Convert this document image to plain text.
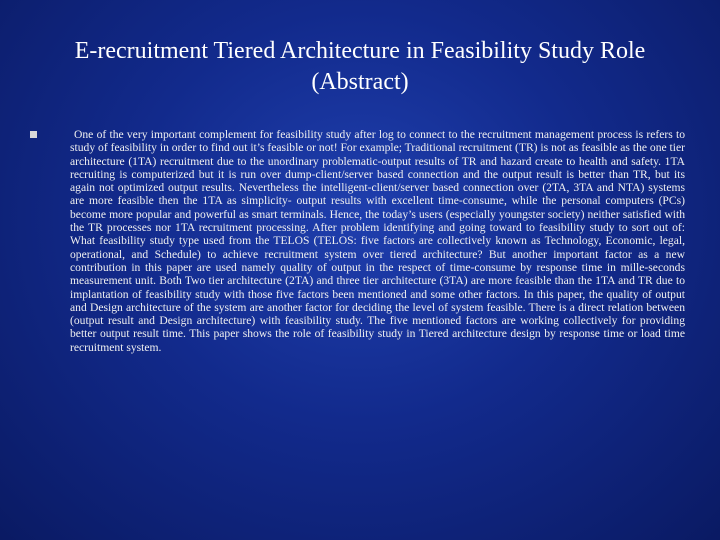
E-recruitment Tiered Architecture in Feasibility Study Role (Abstract)

One of the very important complement for feasibility study after log to connect to the recruitment management process is refers to study of feasibility in order to find out it’s feasible or not! For example; Traditional recruitment (TR) is not as feasible as the one tier architecture (1TA) recruitment due to the unordinary problematic-output results of TR and hazard create to health and safety. 1TA recruiting is computerized but it is run over dump-client/server based connection and the output result is better than TR, but its again not optimized output results. Nevertheless the intelligent-client/server based connection over (2TA, 3TA and NTA) systems are more feasible then the 1TA as simplicity- output results with excellent time-consume, while the personal computers (PCs) become more popular and powerful as smart terminals. Hence, the today’s users (especially youngster society) neither satisfied with the TR processes nor 1TA recruitment processing. After problem identifying and going toward to feasibility study to sort out of: What feasibility study type used from the TELOS (TELOS: five factors are collectively known as Technology, Economic, legal, operational, and Schedule) to achieve recruitment system over tiered architecture? But another important factor as a new contribution in this paper are used namely quality of output in the respect of time-consume by response time in mille-seconds measurement unit. Both Two tier architecture (2TA) and three tier architecture (3TA) are more feasible than the 1TA and TR due to implantation of feasibility study with those five factors been mentioned and some other factors. In this paper, the quality of output and Design architecture of the system are another factor for deciding the level of system feasible. There is a direct relation between (output result and Design architecture) with feasibility study. The five mentioned factors are working collectively for providing better output result time. This paper shows the role of feasibility study in Tiered architecture design by response time or load time recruitment system.
